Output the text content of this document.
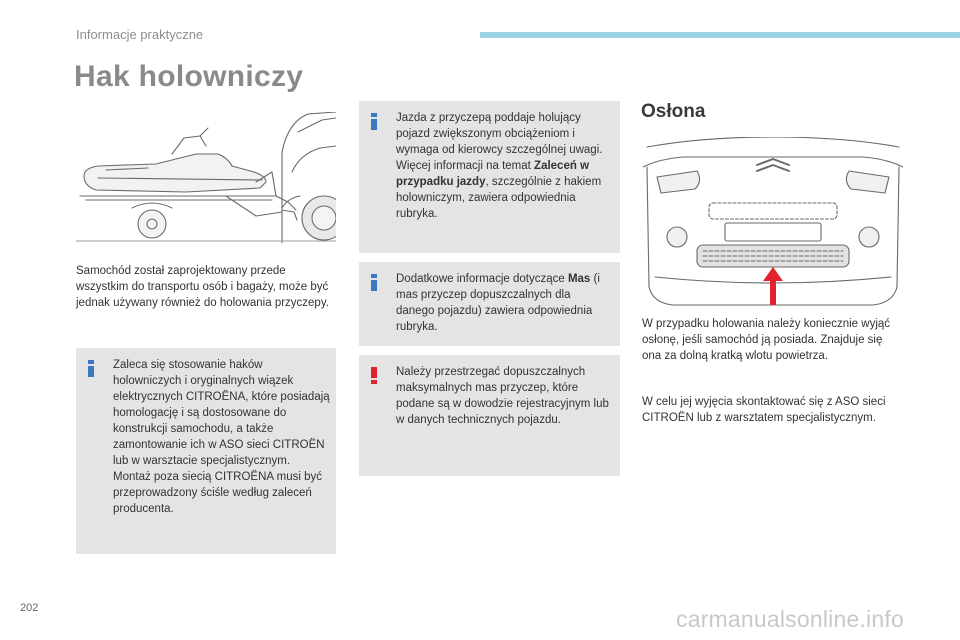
Informacje praktyczne
Hak holowniczy

Samochód został zaprojektowany przede wszystkim do transportu osób i bagaży, może być jednak używany również do holowania przyczepy.

Zaleca się stosowanie haków holowniczych i oryginalnych wiązek elektrycznych CITROËNA, które posiadają homologację i są dostosowane do konstrukcji samochodu, a także zamontowanie ich w ASO sieci CITROËN lub w warsztacie specjalistycznym.
Montaż poza siecią CITROËNA musi być przeprowadzony ściśle według zaleceń producenta.

Jazda z przyczepą poddaje holujący pojazd zwiększonym obciążeniom i wymaga od kierowcy szczególnej uwagi.
Więcej informacji na temat Zaleceń w przypadku jazdy, szczególnie z hakiem holowniczym, zawiera odpowiednia rubryka.

Dodatkowe informacje dotyczące Mas (i mas przyczep dopuszczalnych dla danego pojazdu) zawiera odpowiednia rubryka.

Należy przestrzegać dopuszczalnych maksymalnych mas przyczep, które podane są w dowodzie rejestracyjnym lub w danych technicznych pojazdu.

Osłona

W przypadku holowania należy koniecznie wyjąć osłonę, jeśli samochód ją posiada. Znajduje się ona za dolną kratką wlotu powietrza.

W celu jej wyjęcia skontaktować się z ASO sieci CITROËN lub z warsztatem specjalistycznym.

202	carmanualsonline.info
